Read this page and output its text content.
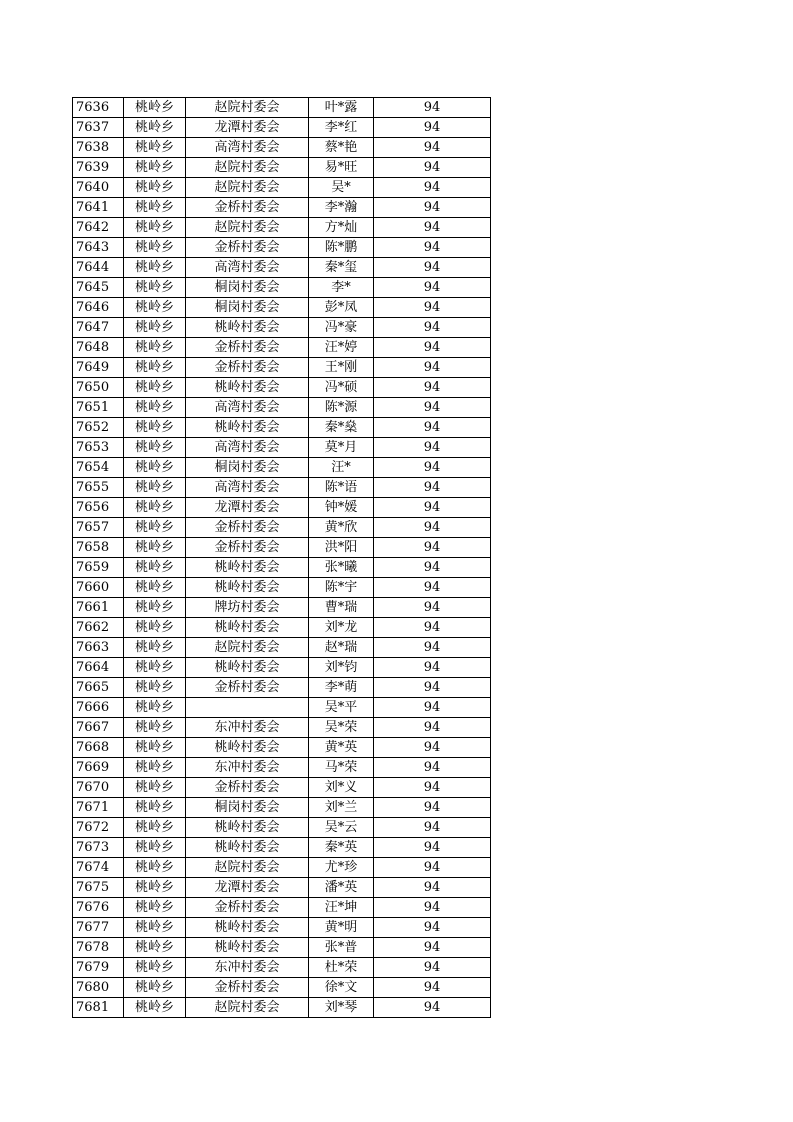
7636	桃岭乡	赵院村委会	叶*露	94
7637	桃岭乡	龙潭村委会	李*红	94
7638	桃岭乡	高湾村委会	蔡*艳	94
7639	桃岭乡	赵院村委会	易*旺	94
7640	桃岭乡	赵院村委会	吴*	94
7641	桃岭乡	金桥村委会	李*瀚	94
7642	桃岭乡	赵院村委会	方*灿	94
7643	桃岭乡	金桥村委会	陈*鹏	94
7644	桃岭乡	高湾村委会	秦*玺	94
7645	桃岭乡	桐岗村委会	李*	94
7646	桃岭乡	桐岗村委会	彭*凤	94
7647	桃岭乡	桃岭村委会	冯*豪	94
7648	桃岭乡	金桥村委会	汪*婷	94
7649	桃岭乡	金桥村委会	王*刚	94
7650	桃岭乡	桃岭村委会	冯*硕	94
7651	桃岭乡	高湾村委会	陈*源	94
7652	桃岭乡	桃岭村委会	秦*燊	94
7653	桃岭乡	高湾村委会	莫*月	94
7654	桃岭乡	桐岗村委会	汪*	94
7655	桃岭乡	高湾村委会	陈*语	94
7656	桃岭乡	龙潭村委会	钟*媛	94
7657	桃岭乡	金桥村委会	黄*欣	94
7658	桃岭乡	金桥村委会	洪*阳	94
7659	桃岭乡	桃岭村委会	张*曦	94
7660	桃岭乡	桃岭村委会	陈*宇	94
7661	桃岭乡	牌坊村委会	曹*瑞	94
7662	桃岭乡	桃岭村委会	刘*龙	94
7663	桃岭乡	赵院村委会	赵*瑞	94
7664	桃岭乡	桃岭村委会	刘*钧	94
7665	桃岭乡	金桥村委会	李*萌	94
7666	桃岭乡		吴*平	94
7667	桃岭乡	东冲村委会	吴*荣	94
7668	桃岭乡	桃岭村委会	黄*英	94
7669	桃岭乡	东冲村委会	马*荣	94
7670	桃岭乡	金桥村委会	刘*义	94
7671	桃岭乡	桐岗村委会	刘*兰	94
7672	桃岭乡	桃岭村委会	吴*云	94
7673	桃岭乡	桃岭村委会	秦*英	94
7674	桃岭乡	赵院村委会	尤*珍	94
7675	桃岭乡	龙潭村委会	潘*英	94
7676	桃岭乡	金桥村委会	汪*坤	94
7677	桃岭乡	桃岭村委会	黄*明	94
7678	桃岭乡	桃岭村委会	张*普	94
7679	桃岭乡	东冲村委会	杜*荣	94
7680	桃岭乡	金桥村委会	徐*文	94
7681	桃岭乡	赵院村委会	刘*琴	94
